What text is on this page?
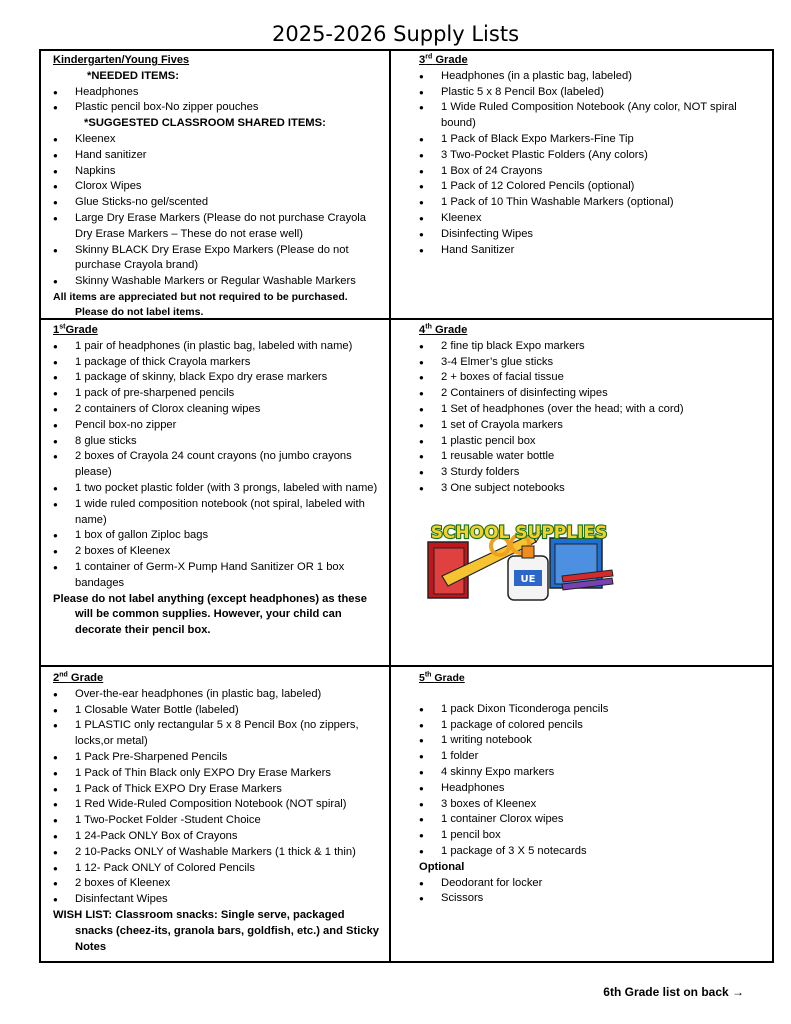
2025-2026 Supply Lists
Kindergarten/Young Fives
*NEEDED ITEMS:
● Headphones
● Plastic pencil box-No zipper pouches
*SUGGESTED CLASSROOM SHARED ITEMS:
● Kleenex
● Hand sanitizer
● Napkins
● Clorox Wipes
● Glue Sticks-no gel/scented
● Large Dry Erase Markers (Please do not purchase Crayola Dry Erase Markers – These do not erase well)
● Skinny BLACK Dry Erase Expo Markers (Please do not purchase Crayola brand)
● Skinny Washable Markers or Regular Washable Markers
All items are appreciated but not required to be purchased. Please do not label items.
3rd Grade
● Headphones (in a plastic bag, labeled)
● Plastic 5 x 8 Pencil Box (labeled)
● 1 Wide Ruled Composition Notebook (Any color, NOT spiral bound)
● 1 Pack of Black Expo Markers-Fine Tip
● 3 Two-Pocket Plastic Folders (Any colors)
● 1 Box of 24 Crayons
● 1 Pack of 12 Colored Pencils (optional)
● 1 Pack of 10 Thin Washable Markers (optional)
● Kleenex
● Disinfecting Wipes
● Hand Sanitizer
1stGrade
● 1 pair of headphones (in plastic bag, labeled with name)
● 1 package of thick Crayola markers
● 1 package of skinny, black Expo dry erase markers
● 1 pack of pre-sharpened pencils
● 2 containers of Clorox cleaning wipes
● Pencil box-no zipper
● 8 glue sticks
● 2 boxes of Crayola 24 count crayons (no jumbo crayons please)
● 1 two pocket plastic folder (with 3 prongs, labeled with name)
● 1 wide ruled composition notebook (not spiral, labeled with name)
● 1 box of gallon Ziploc bags
● 2 boxes of Kleenex
● 1 container of Germ-X Pump Hand Sanitizer OR 1 box bandages
Please do not label anything (except headphones) as these will be common supplies. However, your child can decorate their pencil box.
4th Grade
● 2 fine tip black Expo markers
● 3-4 Elmer’s glue sticks
● 2 + boxes of facial tissue
● 2 Containers of disinfecting wipes
● 1 Set of headphones (over the head; with a cord)
● 1 set of Crayola markers
● 1 plastic pencil box
● 1 reusable water bottle
● 3 Sturdy folders
● 3 One subject notebooks
2nd Grade
● Over-the-ear headphones (in plastic bag, labeled)
● 1 Closable Water Bottle (labeled)
● 1 PLASTIC only rectangular 5 x 8 Pencil Box (no zippers, locks,or metal)
● 1 Pack Pre-Sharpened Pencils
● 1 Pack of Thin Black only EXPO Dry Erase Markers
● 1 Pack of Thick EXPO Dry Erase Markers
● 1 Red Wide-Ruled Composition Notebook (NOT spiral)
● 1 Two-Pocket Folder -Student Choice
● 1 24-Pack ONLY Box of Crayons
● 2 10-Packs ONLY of Washable Markers (1 thick & 1 thin)
● 1 12- Pack ONLY of Colored Pencils
● 2 boxes of Kleenex
● Disinfectant Wipes
WISH LIST: Classroom snacks: Single serve, packaged snacks (cheez-its, granola bars, goldfish, etc.) and Sticky Notes
5th Grade
● 1 pack Dixon Ticonderoga pencils
● 1 package of colored pencils
● 1 writing notebook
● 1 folder
● 4 skinny Expo markers
● Headphones
● 3 boxes of Kleenex
● 1 container Clorox wipes
● 1 pencil box
● 1 package of 3 X 5 notecards
Optional
● Deodorant for locker
● Scissors
UE
SCHOOL SUPPLIES
6th Grade list on back →
